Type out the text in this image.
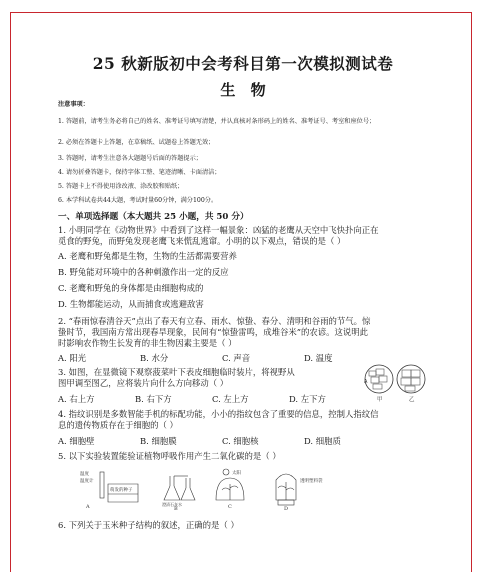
25 秋新版初中会考科目第一次模拟测试卷
生 物
注意事项：
1. 答题前，请考生务必将自己的姓名、准考证号填写清楚，并认真核对条形码上的姓名、准考证号、考室和座位号；
2. 必须在答题卡上答题，在草稿纸、试题卷上答题无效；
3. 答题时，请考生注意各大题题号后面的答题提示；
4. 请勿折叠答题卡，保持字体工整、笔迹清晰、卡面清洁；
5. 答题卡上不得使用涂改液、涂改胶和贴纸；
6. 本学科试卷共44大题，考试时量60分钟，满分100分。
一、单项选择题（本大题共 25 小题，共 50 分）
1. 小明同学在《动物世界》中看到了这样一幅景象：凶猛的老鹰从天空中飞快扑向正在
觅食的野兔，而野兔发现老鹰飞来慌乱逃窜。小明的以下观点，错误的是（ ）
A. 老鹰和野兔都是生物，生物的生活都需要营养
B. 野兔能对环境中的各种刺激作出一定的反应
C. 老鹰和野兔的身体都是由细胞构成的
D. 生物都能运动，从而捕食或逃避敌害
2. “春雨惊春清谷天”点出了春天有立春、雨水、惊蛰、春分、清明和谷雨的节气。惊
蛰时节，我国南方常出现春旱现象，民间有“惊蛰雷鸣，成堆谷米”的农谚。这说明此
时影响农作物生长发育的非生物因素主要是（ ）
A. 阳光	B. 水分	C. 声音	D. 温度
3. 如图，在显微镜下观察菠菜叶下表皮细胞临时装片，将视野从
图甲调至图乙，应将装片向什么方向移动（ ）
A. 右上方	B. 右下方	C. 左上方	D. 左下方
A
甲	乙
4. 指纹识别是多数智能手机的标配功能，小小的指纹包含了重要的信息，控制人指纹信
息的遗传物质存在于细胞的（ ）
A. 细胞壁	B. 细胞膜	C. 细胞核	D. 细胞质
5. 以下实验装置能验证植物呼吸作用产生二氧化碳的是（ ）
温度
温度计
萌发的种子
A	澄清石灰水
B
太阳
C
透明塑料袋
D
6. 下列关于玉米种子结构的叙述，正确的是（ ）
